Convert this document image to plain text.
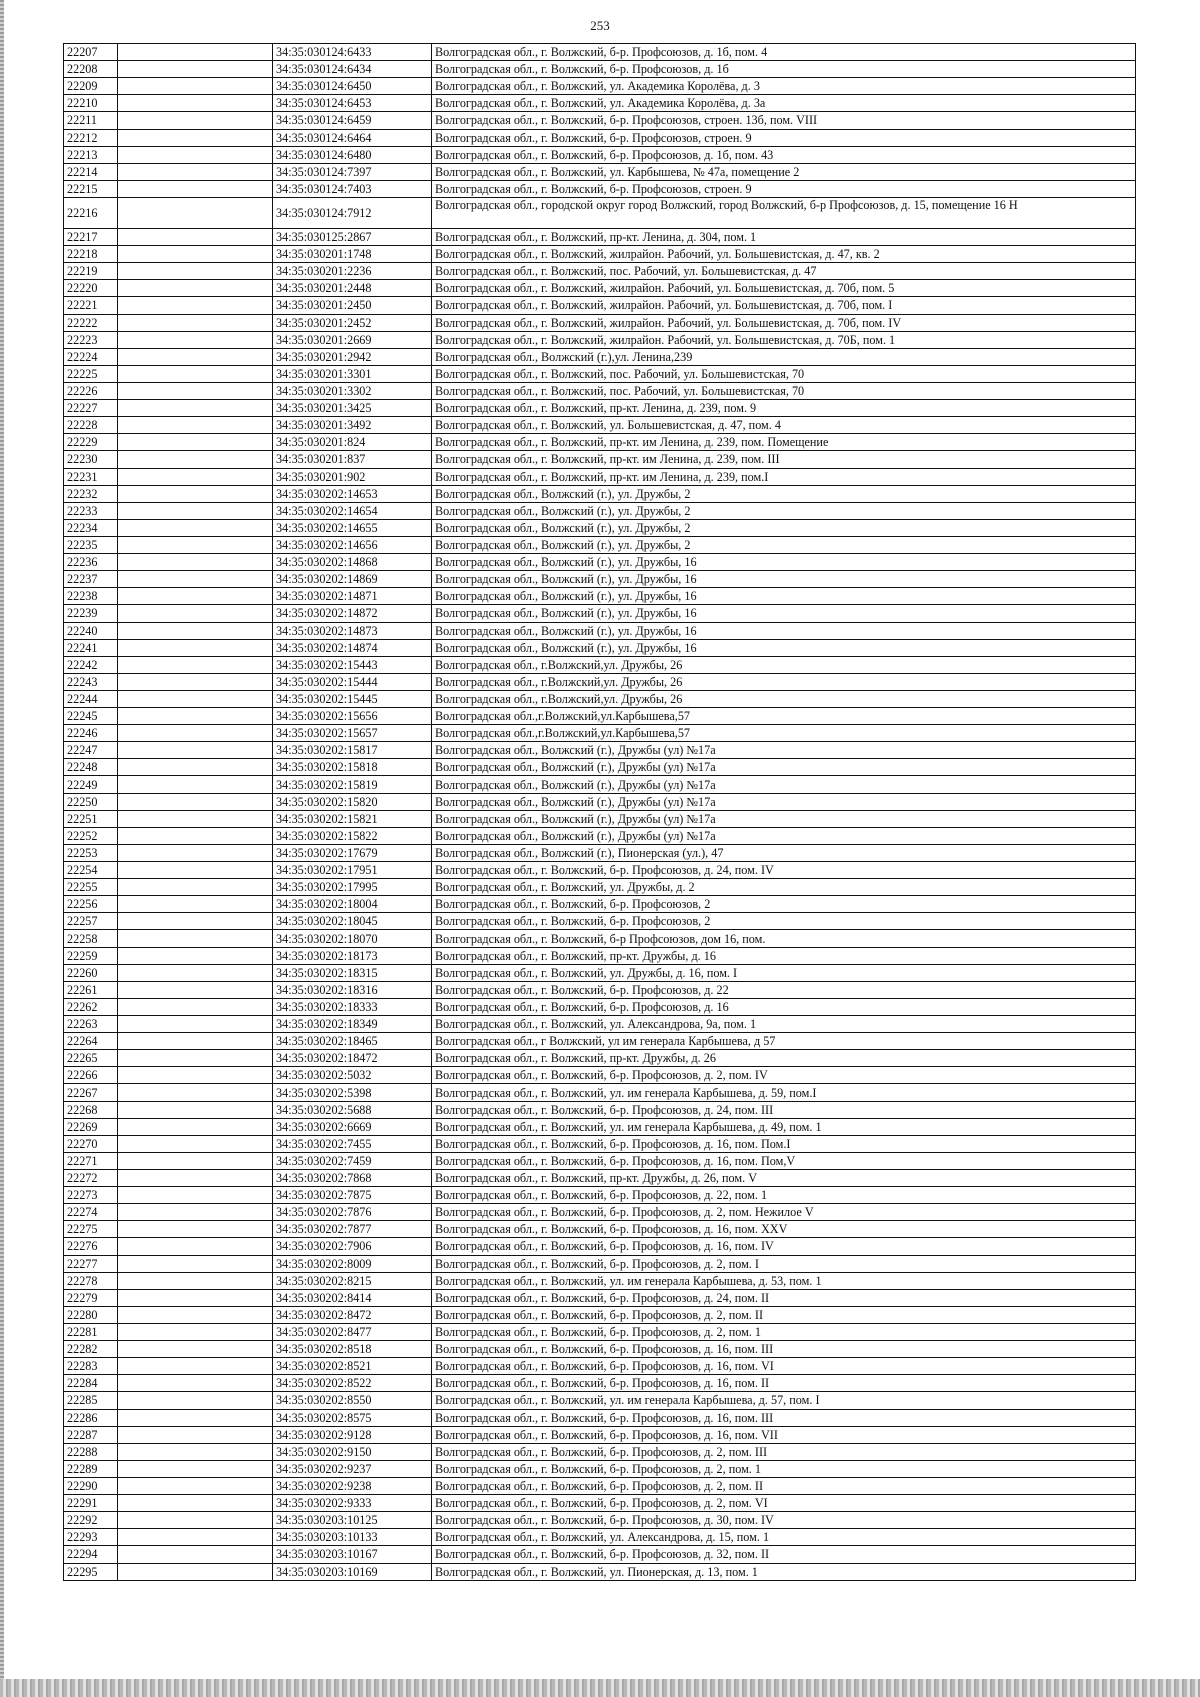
253
22207		34:35:030124:6433	Волгоградская обл., г. Волжский, б-р. Профсоюзов, д. 1б, пом. 4
22208		34:35:030124:6434	Волгоградская обл., г. Волжский, б-р. Профсоюзов, д. 1б
22209		34:35:030124:6450	Волгоградская обл., г. Волжский, ул. Академика Королёва, д. 3
22210		34:35:030124:6453	Волгоградская обл., г. Волжский, ул. Академика Королёва, д. 3а
22211		34:35:030124:6459	Волгоградская обл., г. Волжский, б-р. Профсоюзов, строен. 13б, пом. VIII
22212		34:35:030124:6464	Волгоградская обл., г. Волжский, б-р. Профсоюзов, строен. 9
22213		34:35:030124:6480	Волгоградская обл., г. Волжский, б-р. Профсоюзов, д. 1б, пом. 43
22214		34:35:030124:7397	Волгоградская обл., г. Волжский, ул. Карбышева, № 47а, помещение 2
22215		34:35:030124:7403	Волгоградская обл., г. Волжский, б-р. Профсоюзов, строен. 9
22216		34:35:030124:7912	Волгоградская обл., городской округ город Волжский, город Волжский, б-р Профсоюзов, д. 15, помещение 16 Н
22217		34:35:030125:2867	Волгоградская обл., г. Волжский, пр-кт. Ленина, д. 304, пом. 1
22218		34:35:030201:1748	Волгоградская обл., г. Волжский, жилрайон. Рабочий, ул. Большевистская, д. 47, кв. 2
22219		34:35:030201:2236	Волгоградская обл., г. Волжский, пос. Рабочий, ул. Большевистская, д. 47
22220		34:35:030201:2448	Волгоградская обл., г. Волжский, жилрайон. Рабочий, ул. Большевистская, д. 70б, пом. 5
22221		34:35:030201:2450	Волгоградская обл., г. Волжский, жилрайон. Рабочий, ул. Большевистская, д. 70б, пом. I
22222		34:35:030201:2452	Волгоградская обл., г. Волжский, жилрайон. Рабочий, ул. Большевистская, д. 70б, пом. IV
22223		34:35:030201:2669	Волгоградская обл., г. Волжский, жилрайон. Рабочий, ул. Большевистская, д. 70Б, пом. 1
22224		34:35:030201:2942	Волгоградская обл., Волжский (г.),ул. Ленина,239
22225		34:35:030201:3301	Волгоградская обл., г. Волжский, пос. Рабочий, ул. Большевистская, 70
22226		34:35:030201:3302	Волгоградская обл., г. Волжский, пос. Рабочий, ул. Большевистская, 70
22227		34:35:030201:3425	Волгоградская обл., г. Волжский, пр-кт. Ленина, д. 239, пом. 9
22228		34:35:030201:3492	Волгоградская обл., г. Волжский, ул. Большевистская, д. 47, пом. 4
22229		34:35:030201:824	Волгоградская обл., г. Волжский, пр-кт. им Ленина, д. 239, пом. Помещение
22230		34:35:030201:837	Волгоградская обл., г. Волжский, пр-кт. им Ленина, д. 239, пом. III
22231		34:35:030201:902	Волгоградская обл., г. Волжский, пр-кт. им Ленина, д. 239, пом.I
22232		34:35:030202:14653	Волгоградская обл., Волжский (г.), ул. Дружбы, 2
22233		34:35:030202:14654	Волгоградская обл., Волжский (г.), ул. Дружбы, 2
22234		34:35:030202:14655	Волгоградская обл., Волжский (г.), ул. Дружбы, 2
22235		34:35:030202:14656	Волгоградская обл., Волжский (г.), ул. Дружбы, 2
22236		34:35:030202:14868	Волгоградская обл., Волжский (г.), ул. Дружбы, 16
22237		34:35:030202:14869	Волгоградская обл., Волжский (г.), ул. Дружбы, 16
22238		34:35:030202:14871	Волгоградская обл., Волжский (г.), ул. Дружбы, 16
22239		34:35:030202:14872	Волгоградская обл., Волжский (г.), ул. Дружбы, 16
22240		34:35:030202:14873	Волгоградская обл., Волжский (г.), ул. Дружбы, 16
22241		34:35:030202:14874	Волгоградская обл., Волжский (г.), ул. Дружбы, 16
22242		34:35:030202:15443	Волгоградская обл., г.Волжский,ул. Дружбы, 26
22243		34:35:030202:15444	Волгоградская обл., г.Волжский,ул. Дружбы, 26
22244		34:35:030202:15445	Волгоградская обл., г.Волжский,ул. Дружбы, 26
22245		34:35:030202:15656	Волгоградская обл.,г.Волжский,ул.Карбышева,57
22246		34:35:030202:15657	Волгоградская обл.,г.Волжский,ул.Карбышева,57
22247		34:35:030202:15817	Волгоградская обл., Волжский (г.), Дружбы (ул) №17а
22248		34:35:030202:15818	Волгоградская обл., Волжский (г.), Дружбы (ул) №17а
22249		34:35:030202:15819	Волгоградская обл., Волжский (г.), Дружбы (ул) №17а
22250		34:35:030202:15820	Волгоградская обл., Волжский (г.), Дружбы (ул) №17а
22251		34:35:030202:15821	Волгоградская обл., Волжский (г.), Дружбы (ул) №17а
22252		34:35:030202:15822	Волгоградская обл., Волжский (г.), Дружбы (ул) №17а
22253		34:35:030202:17679	Волгоградская обл., Волжский (г.), Пионерская (ул.), 47
22254		34:35:030202:17951	Волгоградская обл., г. Волжский, б-р. Профсоюзов, д. 24, пом. IV
22255		34:35:030202:17995	Волгоградская обл., г. Волжский, ул. Дружбы, д. 2
22256		34:35:030202:18004	Волгоградская обл., г. Волжский, б-р. Профсоюзов, 2
22257		34:35:030202:18045	Волгоградская обл., г. Волжский, б-р. Профсоюзов, 2
22258		34:35:030202:18070	Волгоградская обл., г. Волжский, б-р Профсоюзов, дом 16, пом.
22259		34:35:030202:18173	Волгоградская обл., г. Волжский, пр-кт. Дружбы, д. 16
22260		34:35:030202:18315	Волгоградская обл., г. Волжский, ул. Дружбы, д. 16, пом. I
22261		34:35:030202:18316	Волгоградская обл., г. Волжский, б-р. Профсоюзов, д. 22
22262		34:35:030202:18333	Волгоградская обл., г. Волжский, б-р. Профсоюзов, д. 16
22263		34:35:030202:18349	Волгоградская обл., г. Волжский, ул. Александрова, 9а, пом. 1
22264		34:35:030202:18465	Волгоградская обл., г Волжский, ул им генерала Карбышева, д 57
22265		34:35:030202:18472	Волгоградская обл., г. Волжский, пр-кт. Дружбы, д. 26
22266		34:35:030202:5032	Волгоградская обл., г. Волжский, б-р. Профсоюзов, д. 2, пом. IV
22267		34:35:030202:5398	Волгоградская обл., г. Волжский, ул. им генерала Карбышева, д. 59, пом.I
22268		34:35:030202:5688	Волгоградская обл., г. Волжский, б-р. Профсоюзов, д. 24, пом. III
22269		34:35:030202:6669	Волгоградская обл., г. Волжский, ул. им генерала Карбышева, д. 49, пом. 1
22270		34:35:030202:7455	Волгоградская обл., г. Волжский, б-р. Профсоюзов, д. 16, пом. Пом.I
22271		34:35:030202:7459	Волгоградская обл., г. Волжский, б-р. Профсоюзов, д. 16, пом. Пом,V
22272		34:35:030202:7868	Волгоградская обл., г. Волжский, пр-кт. Дружбы, д. 26, пом. V
22273		34:35:030202:7875	Волгоградская обл., г. Волжский, б-р. Профсоюзов, д. 22, пом. 1
22274		34:35:030202:7876	Волгоградская обл., г. Волжский, б-р. Профсоюзов, д. 2, пом. Нежилое V
22275		34:35:030202:7877	Волгоградская обл., г. Волжский, б-р. Профсоюзов, д. 16, пом. XXV
22276		34:35:030202:7906	Волгоградская обл., г. Волжский, б-р. Профсоюзов, д. 16, пом. IV
22277		34:35:030202:8009	Волгоградская обл., г. Волжский, б-р. Профсоюзов, д. 2, пом. I
22278		34:35:030202:8215	Волгоградская обл., г. Волжский, ул. им генерала Карбышева, д. 53, пом. 1
22279		34:35:030202:8414	Волгоградская обл., г. Волжский, б-р. Профсоюзов, д. 24, пом. II
22280		34:35:030202:8472	Волгоградская обл., г. Волжский, б-р. Профсоюзов, д. 2, пом. II
22281		34:35:030202:8477	Волгоградская обл., г. Волжский, б-р. Профсоюзов, д. 2, пом. 1
22282		34:35:030202:8518	Волгоградская обл., г. Волжский, б-р. Профсоюзов, д. 16, пом. III
22283		34:35:030202:8521	Волгоградская обл., г. Волжский, б-р. Профсоюзов, д. 16, пом. VI
22284		34:35:030202:8522	Волгоградская обл., г. Волжский, б-р. Профсоюзов, д. 16, пом. II
22285		34:35:030202:8550	Волгоградская обл., г. Волжский, ул. им генерала Карбышева, д. 57, пом. I
22286		34:35:030202:8575	Волгоградская обл., г. Волжский, б-р. Профсоюзов, д. 16, пом. III
22287		34:35:030202:9128	Волгоградская обл., г. Волжский, б-р. Профсоюзов, д. 16, пом. VII
22288		34:35:030202:9150	Волгоградская обл., г. Волжский, б-р. Профсоюзов, д. 2, пом. III
22289		34:35:030202:9237	Волгоградская обл., г. Волжский, б-р. Профсоюзов, д. 2, пом. 1
22290		34:35:030202:9238	Волгоградская обл., г. Волжский, б-р. Профсоюзов, д. 2, пом. II
22291		34:35:030202:9333	Волгоградская обл., г. Волжский, б-р. Профсоюзов, д. 2, пом. VI
22292		34:35:030203:10125	Волгоградская обл., г. Волжский, б-р. Профсоюзов, д. 30, пом. IV
22293		34:35:030203:10133	Волгоградская обл., г. Волжский, ул. Александрова, д. 15, пом. 1
22294		34:35:030203:10167	Волгоградская обл., г. Волжский, б-р. Профсоюзов, д. 32, пом. II
22295		34:35:030203:10169	Волгоградская обл., г. Волжский, ул. Пионерская, д. 13, пом. 1
